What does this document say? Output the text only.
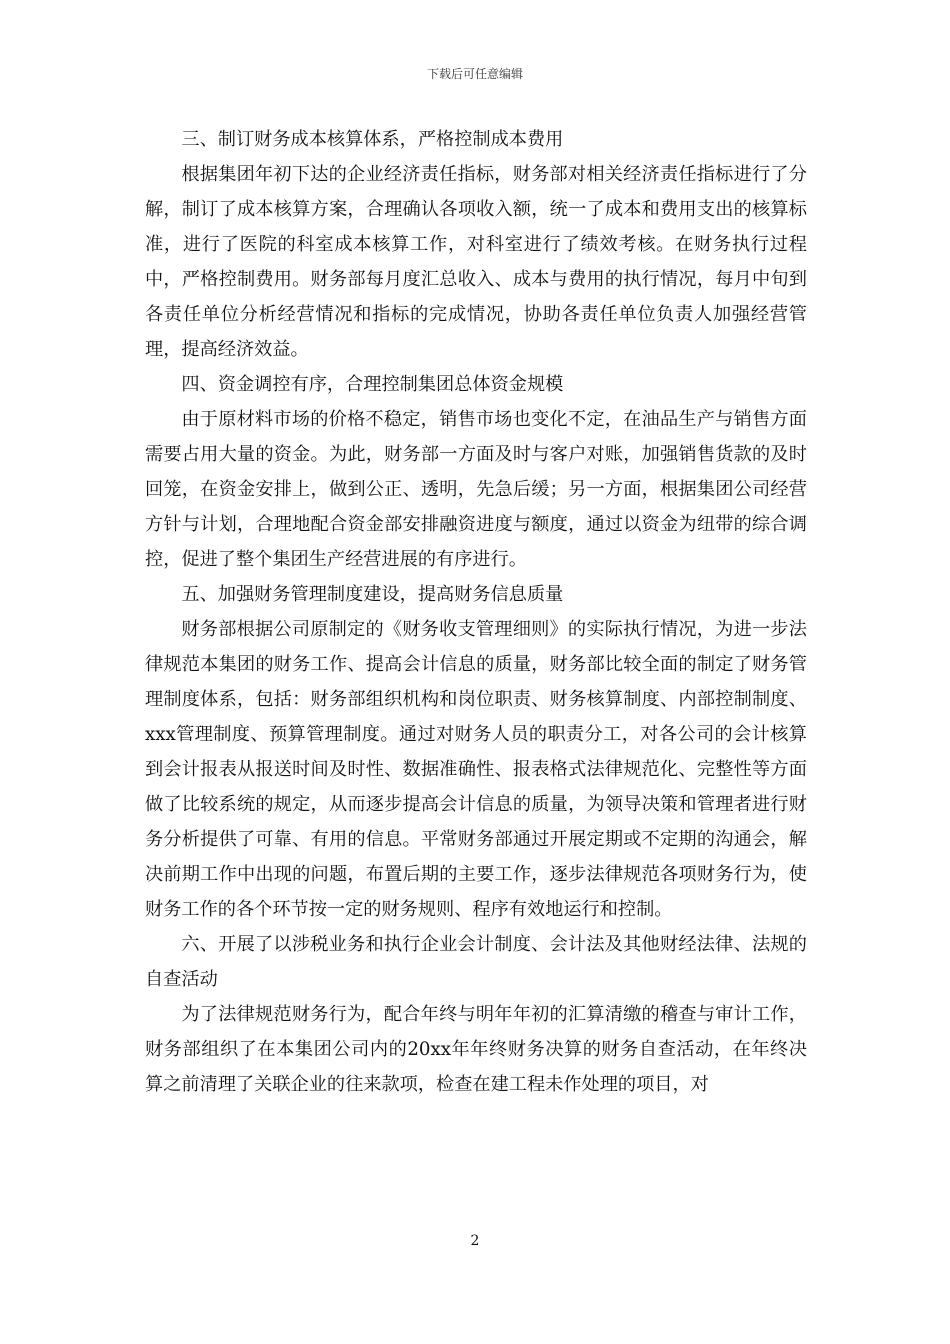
下载后可任意编辑

三、制订财务成本核算体系，严格控制成本费用

根据集团年初下达的企业经济责任指标，财务部对相关经济责任指标进行了分解，制订了成本核算方案，合理确认各项收入额，统一了成本和费用支出的核算标准，进行了医院的科室成本核算工作，对科室进行了绩效考核。在财务执行过程中，严格控制费用。财务部每月度汇总收入、成本与费用的执行情况，每月中旬到各责任单位分析经营情况和指标的完成情况，协助各责任单位负责人加强经营管理，提高经济效益。

四、资金调控有序，合理控制集团总体资金规模

由于原材料市场的价格不稳定，销售市场也变化不定，在油品生产与销售方面需要占用大量的资金。为此，财务部一方面及时与客户对账，加强销售货款的及时回笼，在资金安排上，做到公正、透明，先急后缓；另一方面，根据集团公司经营方针与计划，合理地配合资金部安排融资进度与额度，通过以资金为纽带的综合调控，促进了整个集团生产经营进展的有序进行。

五、加强财务管理制度建设，提高财务信息质量

财务部根据公司原制定的《财务收支管理细则》的实际执行情况，为进一步法律规范本集团的财务工作、提高会计信息的质量，财务部比较全面的制定了财务管理制度体系，包括：财务部组织机构和岗位职责、财务核算制度、内部控制制度、xxx管理制度、预算管理制度。通过对财务人员的职责分工，对各公司的会计核算到会计报表从报送时间及时性、数据准确性、报表格式法律规范化、完整性等方面做了比较系统的规定，从而逐步提高会计信息的质量，为领导决策和管理者进行财务分析提供了可靠、有用的信息。平常财务部通过开展定期或不定期的沟通会，解决前期工作中出现的问题，布置后期的主要工作，逐步法律规范各项财务行为，使财务工作的各个环节按一定的财务规则、程序有效地运行和控制。

六、开展了以涉税业务和执行企业会计制度、会计法及其他财经法律、法规的自查活动

为了法律规范财务行为，配合年终与明年年初的汇算清缴的稽查与审计工作，财务部组织了在本集团公司内的20xx年年终财务决算的财务自查活动，在年终决算之前清理了关联企业的往来款项，检查在建工程未作处理的项目，对

2
